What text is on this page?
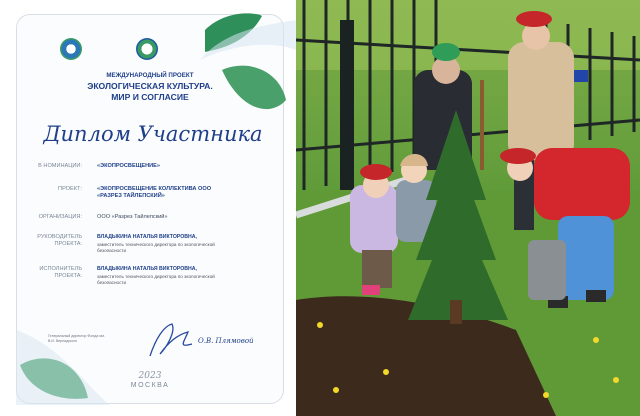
МЕЖДУНАРОДНЫЙ ПРОЕКТ
ЭКОЛОГИЧЕСКАЯ КУЛЬТУРА.
МИР И СОГЛАСИЕ
Диплом Участника
В НОМИНАЦИИ:	«ЭКОПРОСВЕЩЕНИЕ»
ПРОЕКТ:	«ЭКОПРОСВЕЩЕНИЕ КОЛЛЕКТИВА ООО «РАЗРЕЗ ТАЙЛЕПСКИЙ»
ОРГАНИЗАЦИЯ:	ООО «Разрез Тайлепский»
РУКОВОДИТЕЛЬ ПРОЕКТА:
ВЛАДЫКИНА НАТАЛЬЯ ВИКТОРОВНА,
заместитель технического директора по экологической безопасности
ИСПОЛНИТЕЛЬ ПРОЕКТА:
ВЛАДЫКИНА НАТАЛЬЯ ВИКТОРОВНА,
заместитель технического директора по экологической безопасности
Генеральный директор Фонда им. В.И. Вернадского	О.В. Плямовой
2023
МОСКВА
